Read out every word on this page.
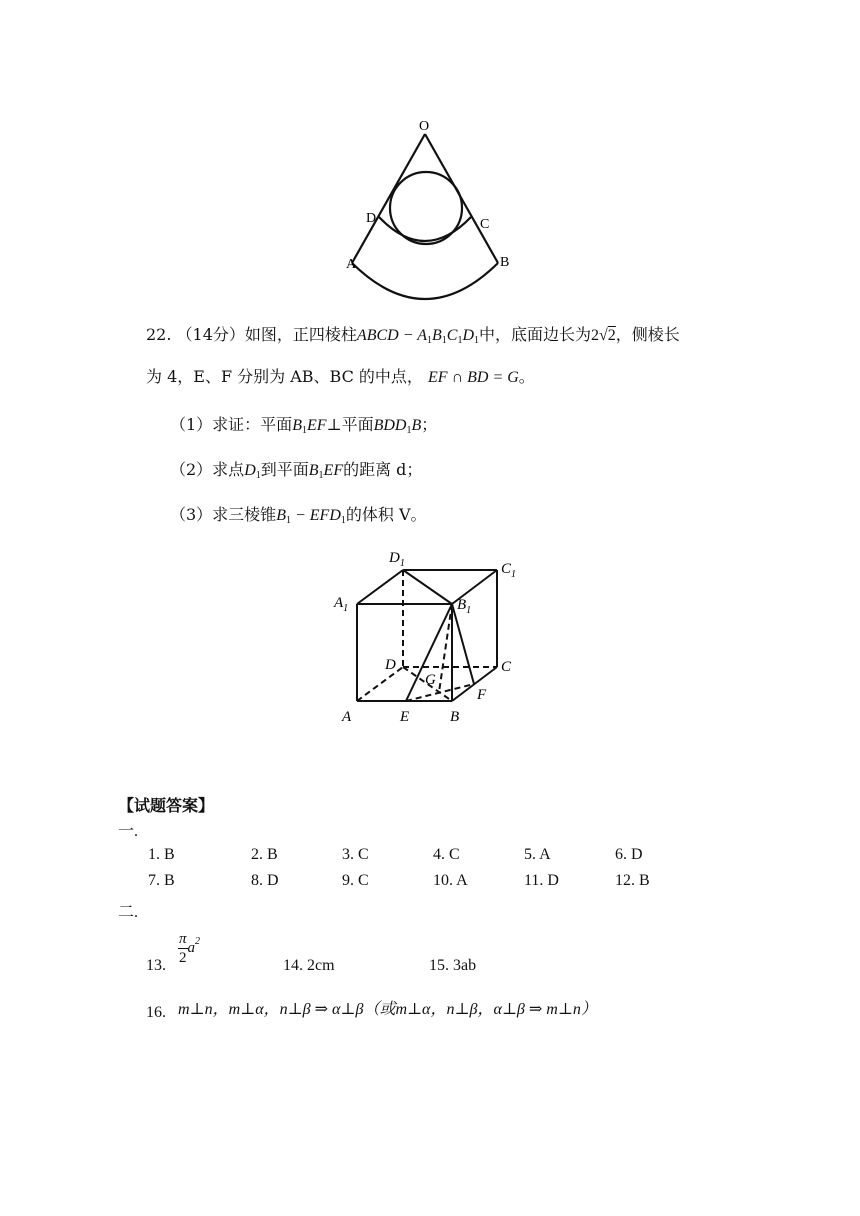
O
D	C
A	B
22. （14分）如图，正四棱柱ABCD − $A_1B_1C_1D_1$中，底面边长为2√2，侧棱长
为 4，E、F 分别为 AB、BC 的中点， EF ∩ BD = G。
（1）求证：平面$B_1EF\perp$平面$BDD_1B$；
（2）求点$D_1$到平面$B_1EF$的距离 d；
（3）求三棱锥$B_1 - EFD_1$的体积 V。
$D_1$	$C_1$
$A_1$	$B_1$
D	C
G
F
A	E	B
【试题答案】
一.
1. B	2. B	3. C	4. C	5. A	6. D
7. B	8. D	9. C	10. A	11. D	12. B
二.
13. $\frac{\pi}{2} a^2$
14. 2cm	15. 3ab
16. m⊥n，m⊥α，n⊥β ⇒ α⊥β（或m⊥α，n⊥β，α⊥β ⇒ m⊥n）
